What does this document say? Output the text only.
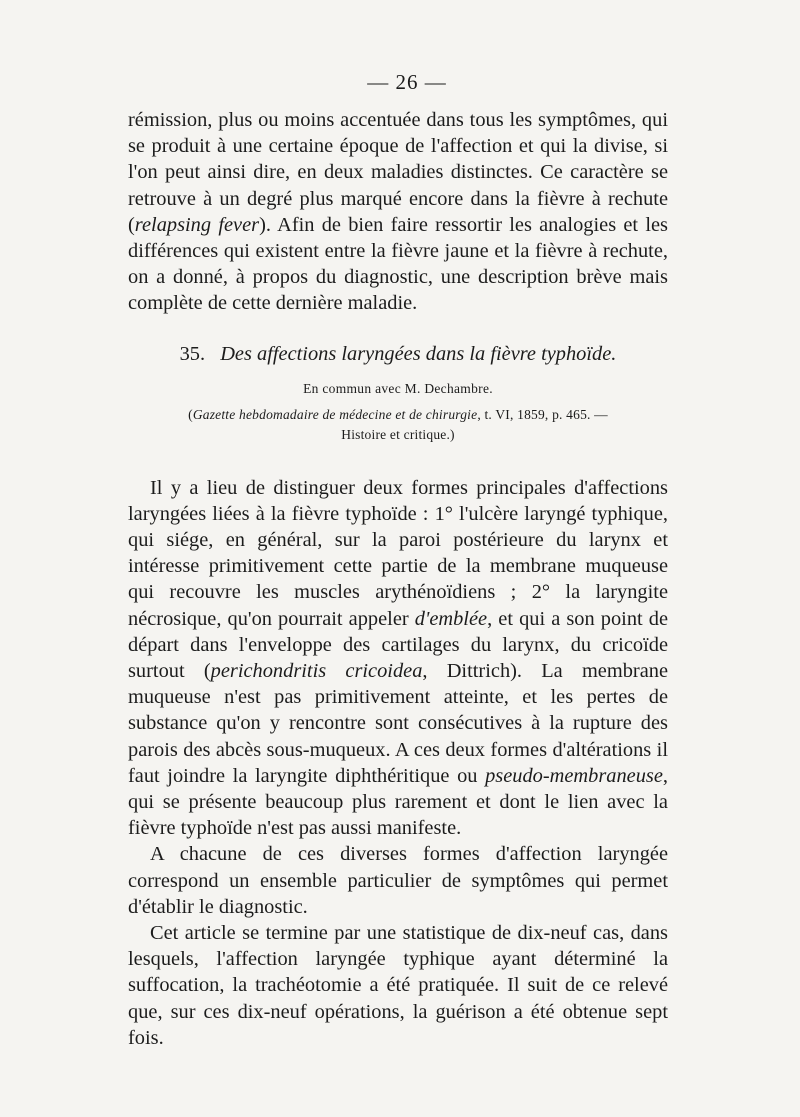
— 26 —

rémission, plus ou moins accentuée dans tous les symptômes, qui se produit à une certaine époque de l'affection et qui la divise, si l'on peut ainsi dire, en deux maladies distinctes. Ce caractère se retrouve à un degré plus marqué encore dans la fièvre à rechute (relapsing fever). Afin de bien faire ressortir les analogies et les différences qui existent entre la fièvre jaune et la fièvre à rechute, on a donné, à propos du diagnostic, une description brève mais complète de cette dernière maladie.

35. Des affections laryngées dans la fièvre typhoïde.
En commun avec M. Dechambre.
(Gazette hebdomadaire de médecine et de chirurgie, t. VI, 1859, p. 465. —
Histoire et critique.)

Il y a lieu de distinguer deux formes principales d'affections laryngées liées à la fièvre typhoïde : 1° l'ulcère laryngé typhique, qui siége, en général, sur la paroi postérieure du larynx et intéresse primitivement cette partie de la membrane muqueuse qui recouvre les muscles arythénoïdiens ; 2° la laryngite nécrosique, qu'on pourrait appeler d'emblée, et qui a son point de départ dans l'enveloppe des cartilages du larynx, du cricoïde surtout (perichondritis cricoidea, Dittrich). La membrane muqueuse n'est pas primitivement atteinte, et les pertes de substance qu'on y rencontre sont consécutives à la rupture des parois des abcès sous-muqueux. A ces deux formes d'altérations il faut joindre la laryngite diphthéritique ou pseudo-membraneuse, qui se présente beaucoup plus rarement et dont le lien avec la fièvre typhoïde n'est pas aussi manifeste.

A chacune de ces diverses formes d'affection laryngée correspond un ensemble particulier de symptômes qui permet d'établir le diagnostic.

Cet article se termine par une statistique de dix-neuf cas, dans lesquels, l'affection laryngée typhique ayant déterminé la suffocation, la trachéotomie a été pratiquée. Il suit de ce relevé que, sur ces dix-neuf opérations, la guérison a été obtenue sept fois.
